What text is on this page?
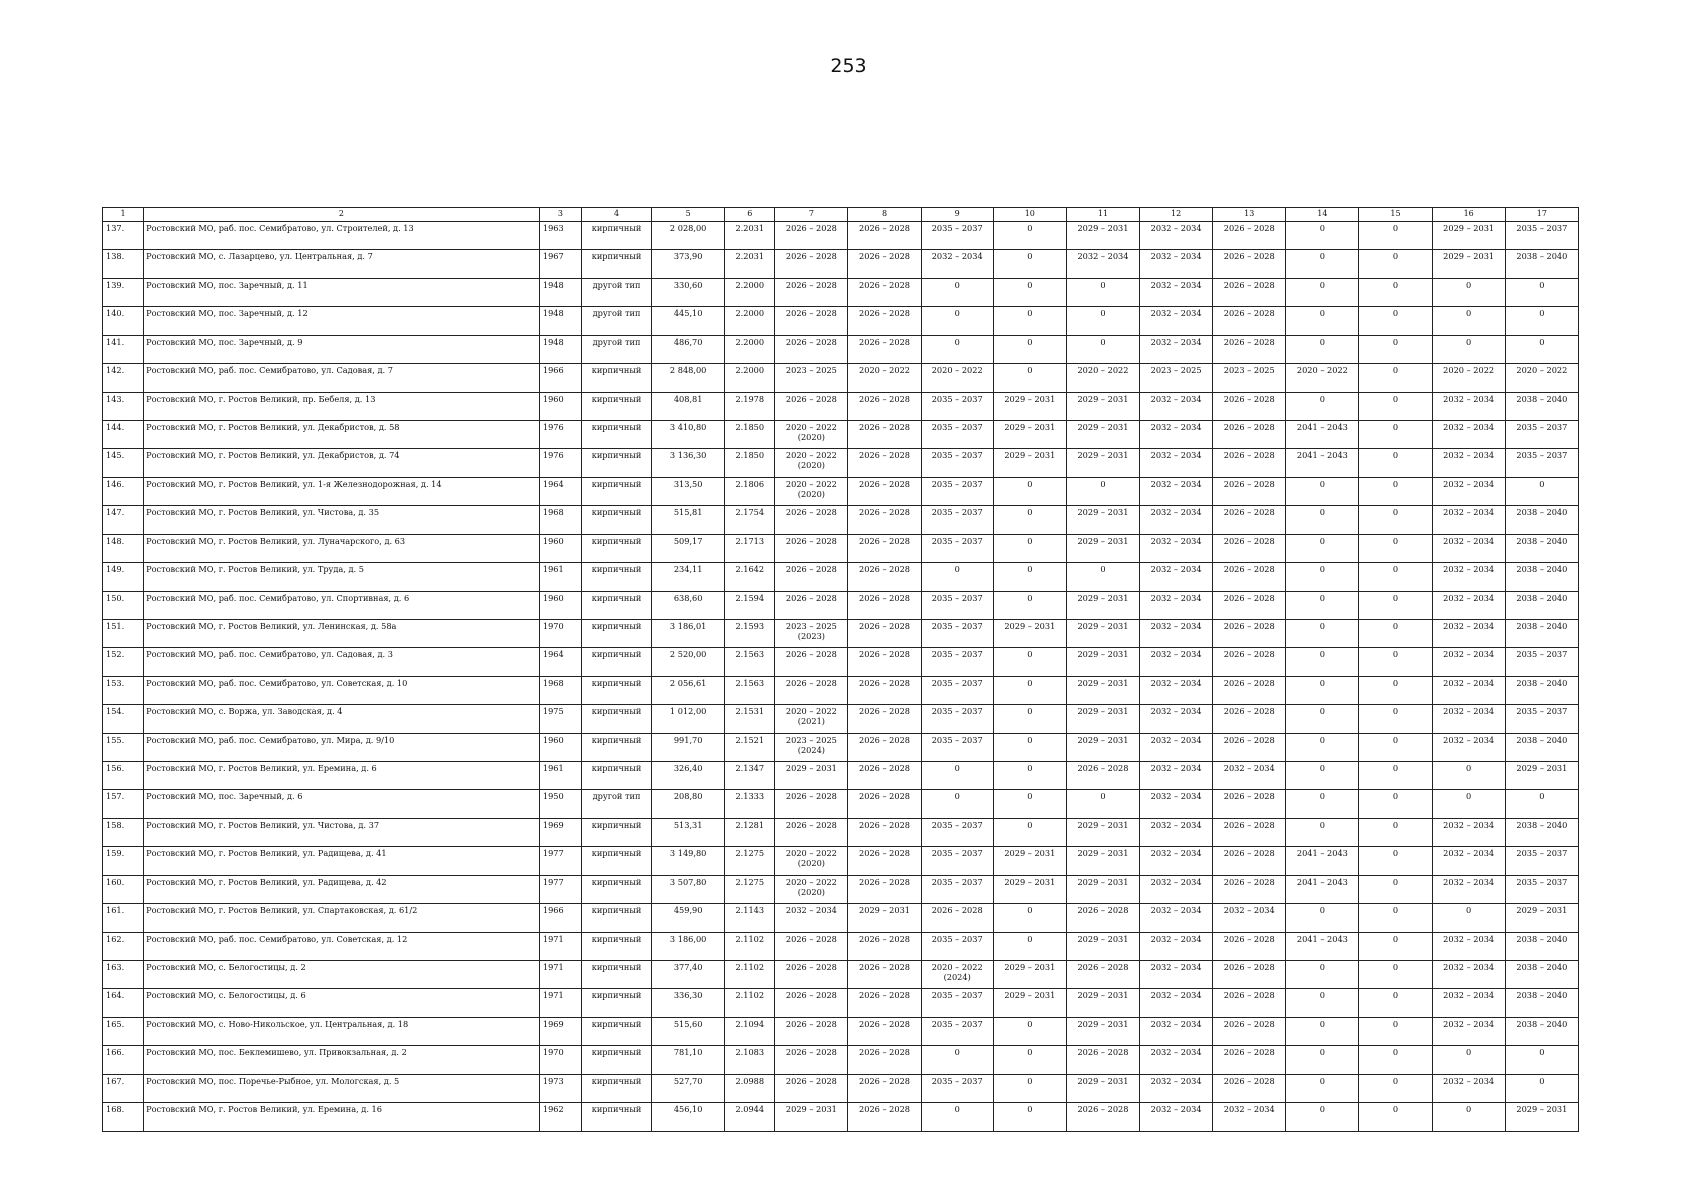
253
1	2	3	4	5	6	7	8	9	10	11	12	13	14	15	16	17

137.	Ростовский МО, раб. пос. Семибратово, ул. Строителей, д. 13	1963	кирпичный	2 028,00	2.2031	2026 – 2028	2026 – 2028	2035 – 2037	0	2029 – 2031	2032 – 2034	2026 – 2028	0	0	2029 – 2031	2035 – 2037

138.	Ростовский МО, с. Лазарцево, ул. Центральная, д. 7	1967	кирпичный	373,90	2.2031	2026 – 2028	2026 – 2028	2032 – 2034	0	2032 – 2034	2032 – 2034	2026 – 2028	0	0	2029 – 2031	2038 – 2040

139.	Ростовский МО, пос. Заречный, д. 11	1948	другой тип	330,60	2.2000	2026 – 2028	2026 – 2028	0	0	0	2032 – 2034	2026 – 2028	0	0	0	0

140.	Ростовский МО, пос. Заречный, д. 12	1948	другой тип	445,10	2.2000	2026 – 2028	2026 – 2028	0	0	0	2032 – 2034	2026 – 2028	0	0	0	0

141.	Ростовский МО, пос. Заречный, д. 9	1948	другой тип	486,70	2.2000	2026 – 2028	2026 – 2028	0	0	0	2032 – 2034	2026 – 2028	0	0	0	0

142.	Ростовский МО, раб. пос. Семибратово, ул. Садовая, д. 7	1966	кирпичный	2 848,00	2.2000	2023 – 2025	2020 – 2022	2020 – 2022	0	2020 – 2022	2023 – 2025	2023 – 2025	2020 – 2022	0	2020 – 2022	2020 – 2022

143.	Ростовский МО, г. Ростов Великий, пр. Бебеля, д. 13	1960	кирпичный	408,81	2.1978	2026 – 2028	2026 – 2028	2035 – 2037	2029 – 2031	2029 – 2031	2032 – 2034	2026 – 2028	0	0	2032 – 2034	2038 – 2040

144.	Ростовский МО, г. Ростов Великий, ул. Декабристов, д. 58	1976	кирпичный	3 410,80	2.1850	2020 – 2022
(2020)	2026 – 2028	2035 – 2037	2029 – 2031	2029 – 2031	2032 – 2034	2026 – 2028	2041 – 2043	0	2032 – 2034	2035 – 2037

145.	Ростовский МО, г. Ростов Великий, ул. Декабристов, д. 74	1976	кирпичный	3 136,30	2.1850	2020 – 2022
(2020)	2026 – 2028	2035 – 2037	2029 – 2031	2029 – 2031	2032 – 2034	2026 – 2028	2041 – 2043	0	2032 – 2034	2035 – 2037

146.	Ростовский МО, г. Ростов Великий, ул. 1-я Железнодорожная, д. 14	1964	кирпичный	313,50	2.1806	2020 – 2022
(2020)	2026 – 2028	2035 – 2037	0	0	2032 – 2034	2026 – 2028	0	0	2032 – 2034	0

147.	Ростовский МО, г. Ростов Великий, ул. Чистова, д. 35	1968	кирпичный	515,81	2.1754	2026 – 2028	2026 – 2028	2035 – 2037	0	2029 – 2031	2032 – 2034	2026 – 2028	0	0	2032 – 2034	2038 – 2040

148.	Ростовский МО, г. Ростов Великий, ул. Луначарского, д. 63	1960	кирпичный	509,17	2.1713	2026 – 2028	2026 – 2028	2035 – 2037	0	2029 – 2031	2032 – 2034	2026 – 2028	0	0	2032 – 2034	2038 – 2040

149.	Ростовский МО, г. Ростов Великий, ул. Труда, д. 5	1961	кирпичный	234,11	2.1642	2026 – 2028	2026 – 2028	0	0	0	2032 – 2034	2026 – 2028	0	0	2032 – 2034	2038 – 2040

150.	Ростовский МО, раб. пос. Семибратово, ул. Спортивная, д. 6	1960	кирпичный	638,60	2.1594	2026 – 2028	2026 – 2028	2035 – 2037	0	2029 – 2031	2032 – 2034	2026 – 2028	0	0	2032 – 2034	2038 – 2040

151.	Ростовский МО, г. Ростов Великий, ул. Ленинская, д. 58а	1970	кирпичный	3 186,01	2.1593	2023 – 2025
(2023)	2026 – 2028	2035 – 2037	2029 – 2031	2029 – 2031	2032 – 2034	2026 – 2028	0	0	2032 – 2034	2038 – 2040

152.	Ростовский МО, раб. пос. Семибратово, ул. Садовая, д. 3	1964	кирпичный	2 520,00	2.1563	2026 – 2028	2026 – 2028	2035 – 2037	0	2029 – 2031	2032 – 2034	2026 – 2028	0	0	2032 – 2034	2035 – 2037

153.	Ростовский МО, раб. пос. Семибратово, ул. Советская, д. 10	1968	кирпичный	2 056,61	2.1563	2026 – 2028	2026 – 2028	2035 – 2037	0	2029 – 2031	2032 – 2034	2026 – 2028	0	0	2032 – 2034	2038 – 2040

154.	Ростовский МО, с. Воржа, ул. Заводская, д. 4	1975	кирпичный	1 012,00	2.1531	2020 – 2022
(2021)	2026 – 2028	2035 – 2037	0	2029 – 2031	2032 – 2034	2026 – 2028	0	0	2032 – 2034	2035 – 2037

155.	Ростовский МО, раб. пос. Семибратово, ул. Мира, д. 9/10	1960	кирпичный	991,70	2.1521	2023 – 2025
(2024)	2026 – 2028	2035 – 2037	0	2029 – 2031	2032 – 2034	2026 – 2028	0	0	2032 – 2034	2038 – 2040

156.	Ростовский МО, г. Ростов Великий, ул. Еремина, д. 6	1961	кирпичный	326,40	2.1347	2029 – 2031	2026 – 2028	0	0	2026 – 2028	2032 – 2034	2032 – 2034	0	0	0	2029 – 2031

157.	Ростовский МО, пос. Заречный, д. 6	1950	другой тип	208,80	2.1333	2026 – 2028	2026 – 2028	0	0	0	2032 – 2034	2026 – 2028	0	0	0	0

158.	Ростовский МО, г. Ростов Великий, ул. Чистова, д. 37	1969	кирпичный	513,31	2.1281	2026 – 2028	2026 – 2028	2035 – 2037	0	2029 – 2031	2032 – 2034	2026 – 2028	0	0	2032 – 2034	2038 – 2040

159.	Ростовский МО, г. Ростов Великий, ул. Радищева, д. 41	1977	кирпичный	3 149,80	2.1275	2020 – 2022
(2020)	2026 – 2028	2035 – 2037	2029 – 2031	2029 – 2031	2032 – 2034	2026 – 2028	2041 – 2043	0	2032 – 2034	2035 – 2037

160.	Ростовский МО, г. Ростов Великий, ул. Радищева, д. 42	1977	кирпичный	3 507,80	2.1275	2020 – 2022
(2020)	2026 – 2028	2035 – 2037	2029 – 2031	2029 – 2031	2032 – 2034	2026 – 2028	2041 – 2043	0	2032 – 2034	2035 – 2037

161.	Ростовский МО, г. Ростов Великий, ул. Спартаковская, д. 61/2	1966	кирпичный	459,90	2.1143	2032 – 2034	2029 – 2031	2026 – 2028	0	2026 – 2028	2032 – 2034	2032 – 2034	0	0	0	2029 – 2031

162.	Ростовский МО, раб. пос. Семибратово, ул. Советская, д. 12	1971	кирпичный	3 186,00	2.1102	2026 – 2028	2026 – 2028	2035 – 2037	0	2029 – 2031	2032 – 2034	2026 – 2028	2041 – 2043	0	2032 – 2034	2038 – 2040

163.	Ростовский МО, с. Белогостицы, д. 2	1971	кирпичный	377,40	2.1102	2026 – 2028	2026 – 2028	2020 – 2022
(2024)	2029 – 2031	2026 – 2028	2032 – 2034	2026 – 2028	0	0	2032 – 2034	2038 – 2040

164.	Ростовский МО, с. Белогостицы, д. 6	1971	кирпичный	336,30	2.1102	2026 – 2028	2026 – 2028	2035 – 2037	2029 – 2031	2029 – 2031	2032 – 2034	2026 – 2028	0	0	2032 – 2034	2038 – 2040

165.	Ростовский МО, с. Ново-Никольское, ул. Центральная, д. 18	1969	кирпичный	515,60	2.1094	2026 – 2028	2026 – 2028	2035 – 2037	0	2029 – 2031	2032 – 2034	2026 – 2028	0	0	2032 – 2034	2038 – 2040

166.	Ростовский МО, пос. Беклемишево, ул. Привокзальная, д. 2	1970	кирпичный	781,10	2.1083	2026 – 2028	2026 – 2028	0	0	2026 – 2028	2032 – 2034	2026 – 2028	0	0	0	0

167.	Ростовский МО, пос. Поречье-Рыбное, ул. Мологская, д. 5	1973	кирпичный	527,70	2.0988	2026 – 2028	2026 – 2028	2035 – 2037	0	2029 – 2031	2032 – 2034	2026 – 2028	0	0	2032 – 2034	0

168.	Ростовский МО, г. Ростов Великий, ул. Еремина, д. 16	1962	кирпичный	456,10	2.0944	2029 – 2031	2026 – 2028	0	0	2026 – 2028	2032 – 2034	2032 – 2034	0	0	0	2029 – 2031
